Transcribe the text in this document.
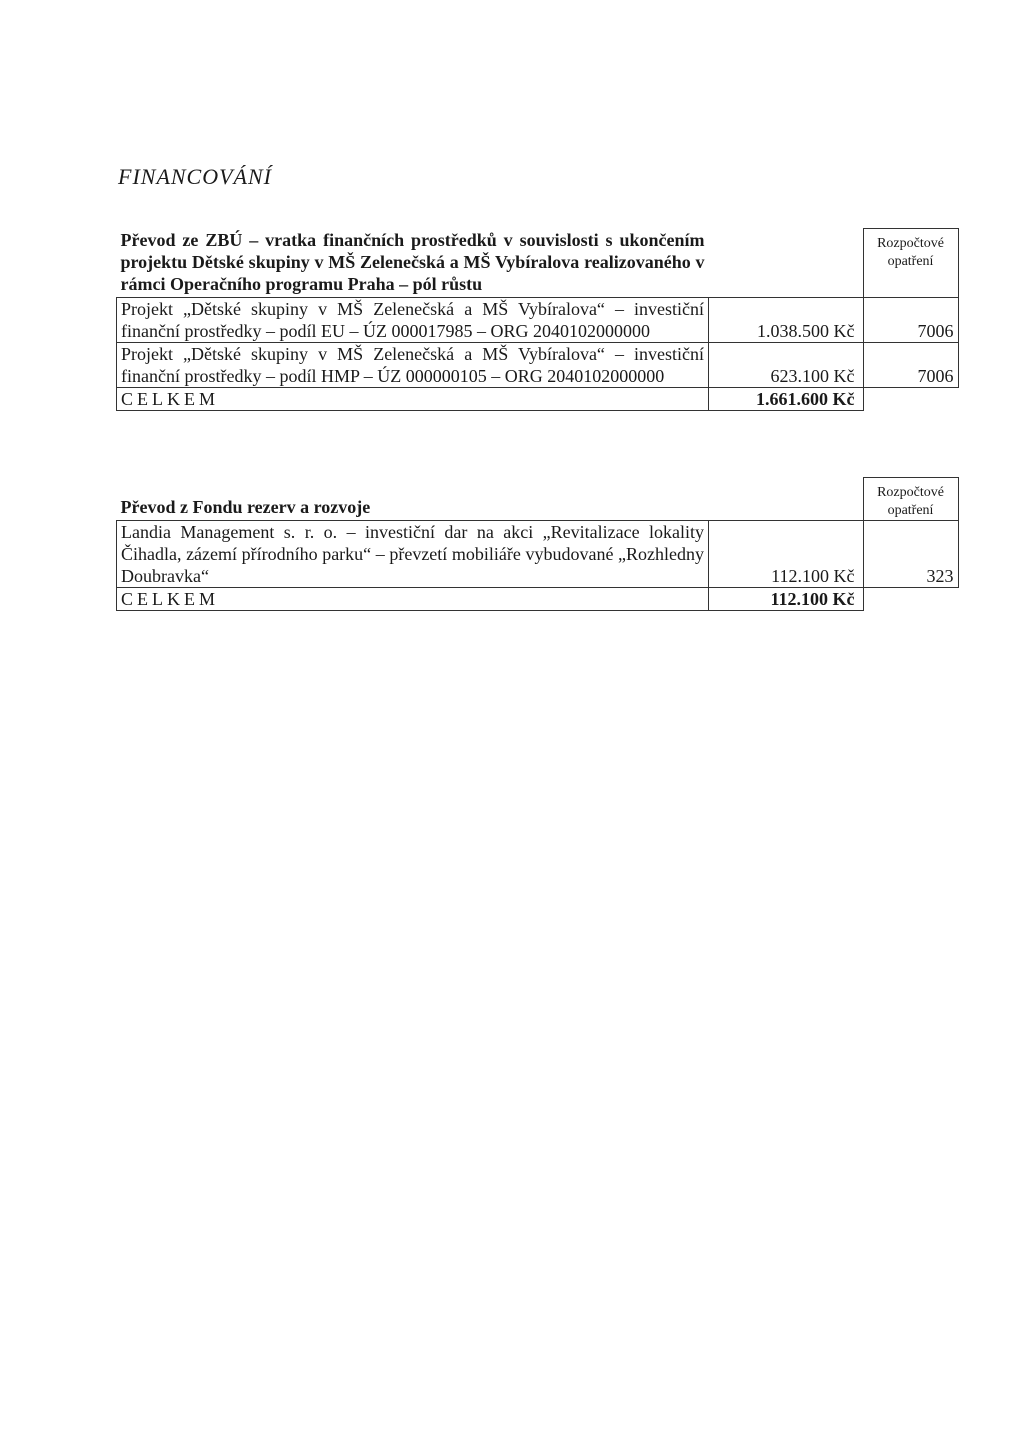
FINANCOVÁNÍ
Převod ze ZBÚ – vratka finančních prostředků v souvislosti s ukončením projektu Dětské skupiny v MŠ Zelenečská a MŠ Vybíralova realizovaného v rámci Operačního programu Praha – pól růstu		Rozpočtové opatření
Projekt „Dětské skupiny v MŠ Zelenečská a MŠ Vybíralova“ – investiční finanční prostředky – podíl EU – ÚZ 000017985 – ORG 2040102000000	1.038.500 Kč	7006
Projekt „Dětské skupiny v MŠ Zelenečská a MŠ Vybíralova“ – investiční finanční prostředky – podíl HMP – ÚZ 000000105 – ORG 2040102000000	623.100 Kč	7006
CELKEM	1.661.600 Kč	
Převod z Fondu rezerv a rozvoje		Rozpočtové opatření
Landia Management s. r. o. – investiční dar na akci „Revitalizace lokality Čihadla, zázemí přírodního parku“ – převzetí mobiliáře vybudované „Rozhledny Doubravka“	112.100 Kč	323
CELKEM	112.100 Kč	
